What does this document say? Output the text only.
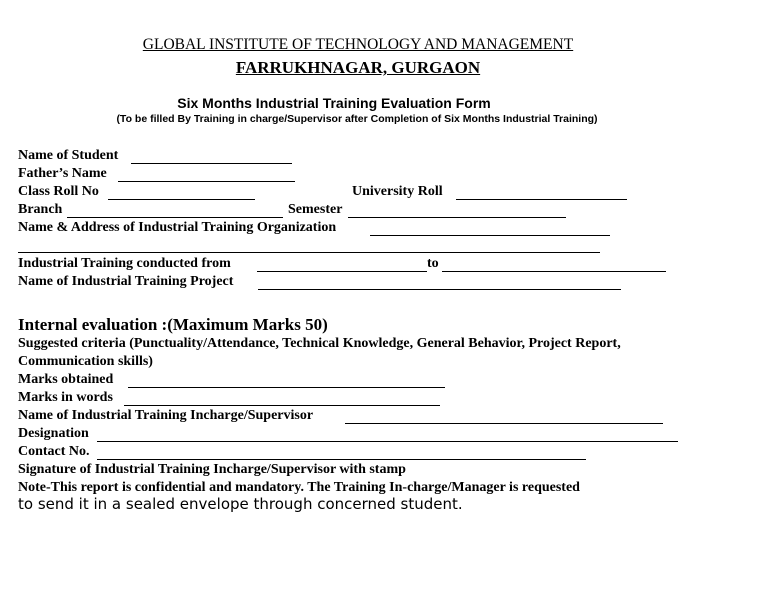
GLOBAL INSTITUTE OF TECHNOLOGY AND MANAGEMENT
FARRUKHNAGAR, GURGAON
Six Months Industrial Training Evaluation Form
(To be filled By Training in charge/Supervisor after Completion of Six Months Industrial Training)
Name of Student
Father’s Name
Class Roll No	University Roll
Branch	Semester
Name & Address of Industrial Training Organization
Industrial Training conducted from	to
Name of Industrial Training Project
Internal evaluation :(Maximum Marks 50)
Suggested criteria (Punctuality/Attendance, Technical Knowledge, General Behavior, Project Report,
Communication skills)
Marks obtained
Marks in words
Name of Industrial Training Incharge/Supervisor
Designation
Contact No.
Signature of Industrial Training Incharge/Supervisor with stamp
Note-This report is confidential and mandatory. The Training In-charge/Manager is requested
to send it in a sealed envelope through concerned student.
